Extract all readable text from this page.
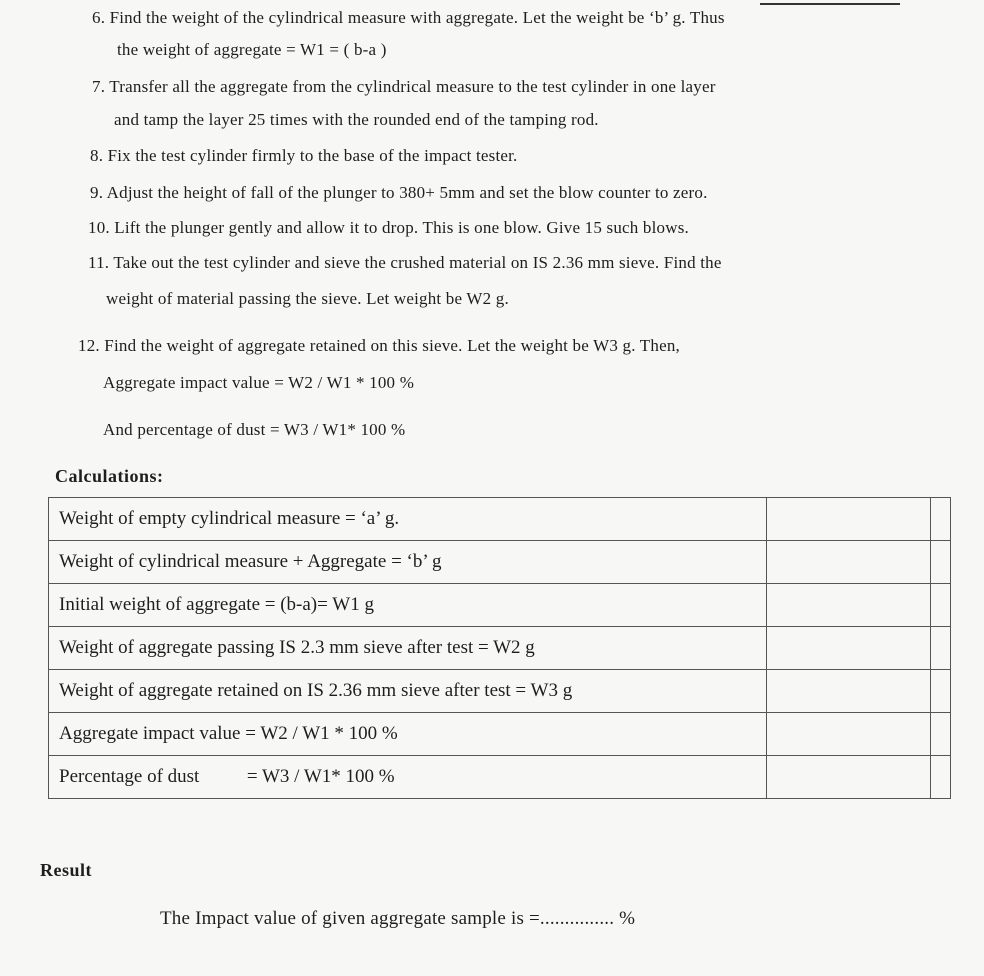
6. Find the weight of the cylindrical measure with aggregate. Let the weight be ‘b’ g. Thus
the weight of aggregate = W1 = ( b-a )
7. Transfer all the aggregate from the cylindrical measure to the test cylinder in one layer
and tamp the layer 25 times with the rounded end of the tamping rod.
8. Fix the test cylinder firmly to the base of the impact tester.
9. Adjust the height of fall of the plunger to 380+ 5mm and set the blow counter to zero.
10. Lift the plunger gently and allow it to drop. This is one blow. Give 15 such blows.
11. Take out the test cylinder and sieve the crushed material on IS 2.36 mm sieve. Find the
weight of material passing the sieve. Let weight be W2 g.
12. Find the weight of aggregate retained on this sieve. Let the weight be W3 g. Then,
Aggregate impact value = W2 / W1 * 100 %
And percentage of dust = W3 / W1* 100 %
Calculations:
Weight of empty cylindrical measure = ‘a’ g.		
Weight of cylindrical measure + Aggregate = ‘b’ g		
Initial weight of aggregate = (b-a)= W1 g		
Weight of aggregate passing IS 2.3 mm sieve after test = W2 g		
Weight of aggregate retained on IS 2.36 mm sieve after test = W3 g		
Aggregate impact value = W2 / W1 * 100 %		
Percentage of dust          = W3 / W1* 100 %		
Result
The Impact value of given aggregate sample is =............... %
